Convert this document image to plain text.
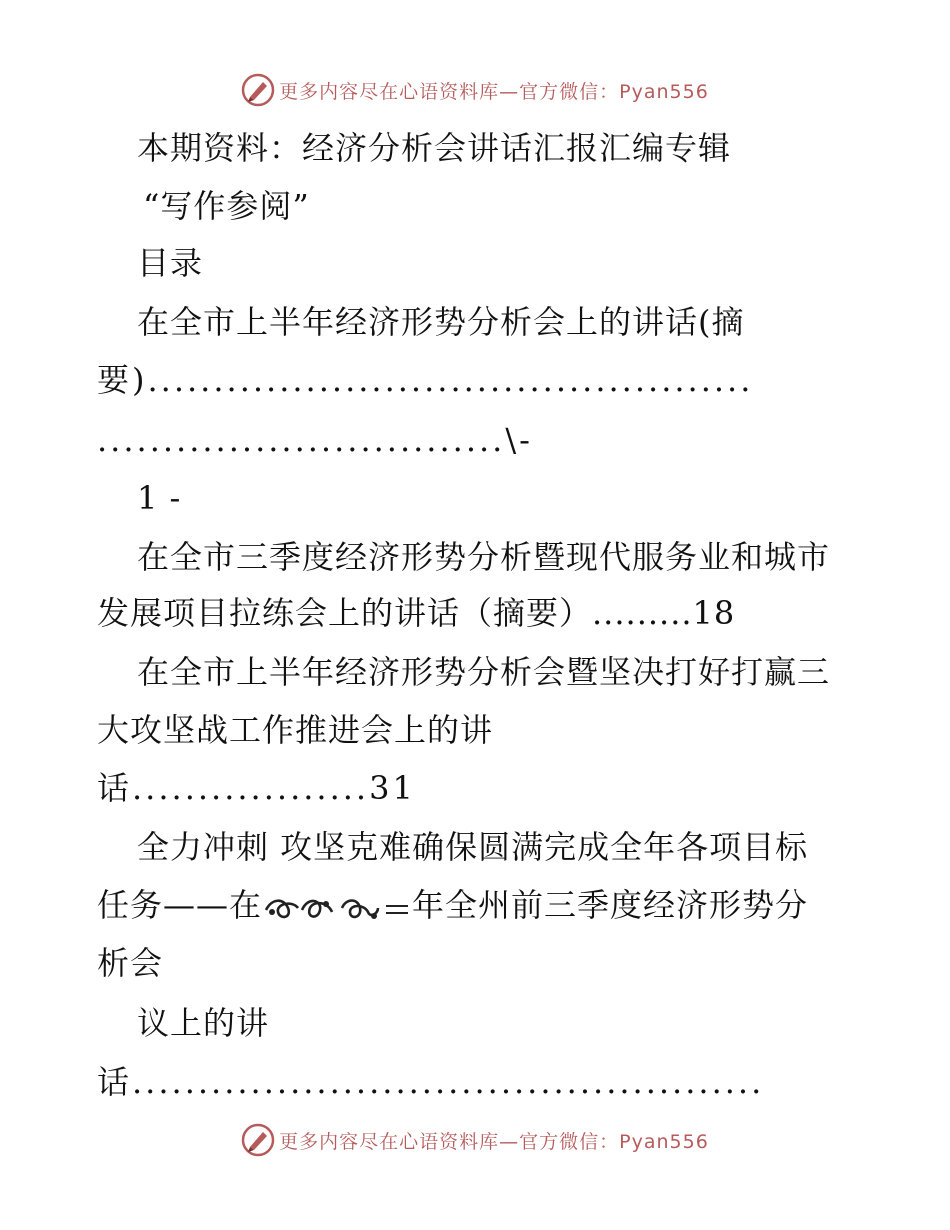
更多内容尽在心语资料库—官方微信：Pyan556
本期资料：经济分析会讲话汇报汇编专辑
“写作参阅”
目录
在全市上半年经济形势分析会上的讲话(摘
要)..............................................
...............................\-
1 -
在全市三季度经济形势分析暨现代服务业和城市
发展项目拉练会上的讲话（摘要）.........18
在全市上半年经济形势分析会暨坚决打好打赢三
大攻坚战工作推进会上的讲
话..................31
全力冲刺 攻坚克难确保圆满完成全年各项目标
任务——在	年全州前三季度经济形势分
析会
议上的讲
话................................................
更多内容尽在心语资料库—官方微信：Pyan556
